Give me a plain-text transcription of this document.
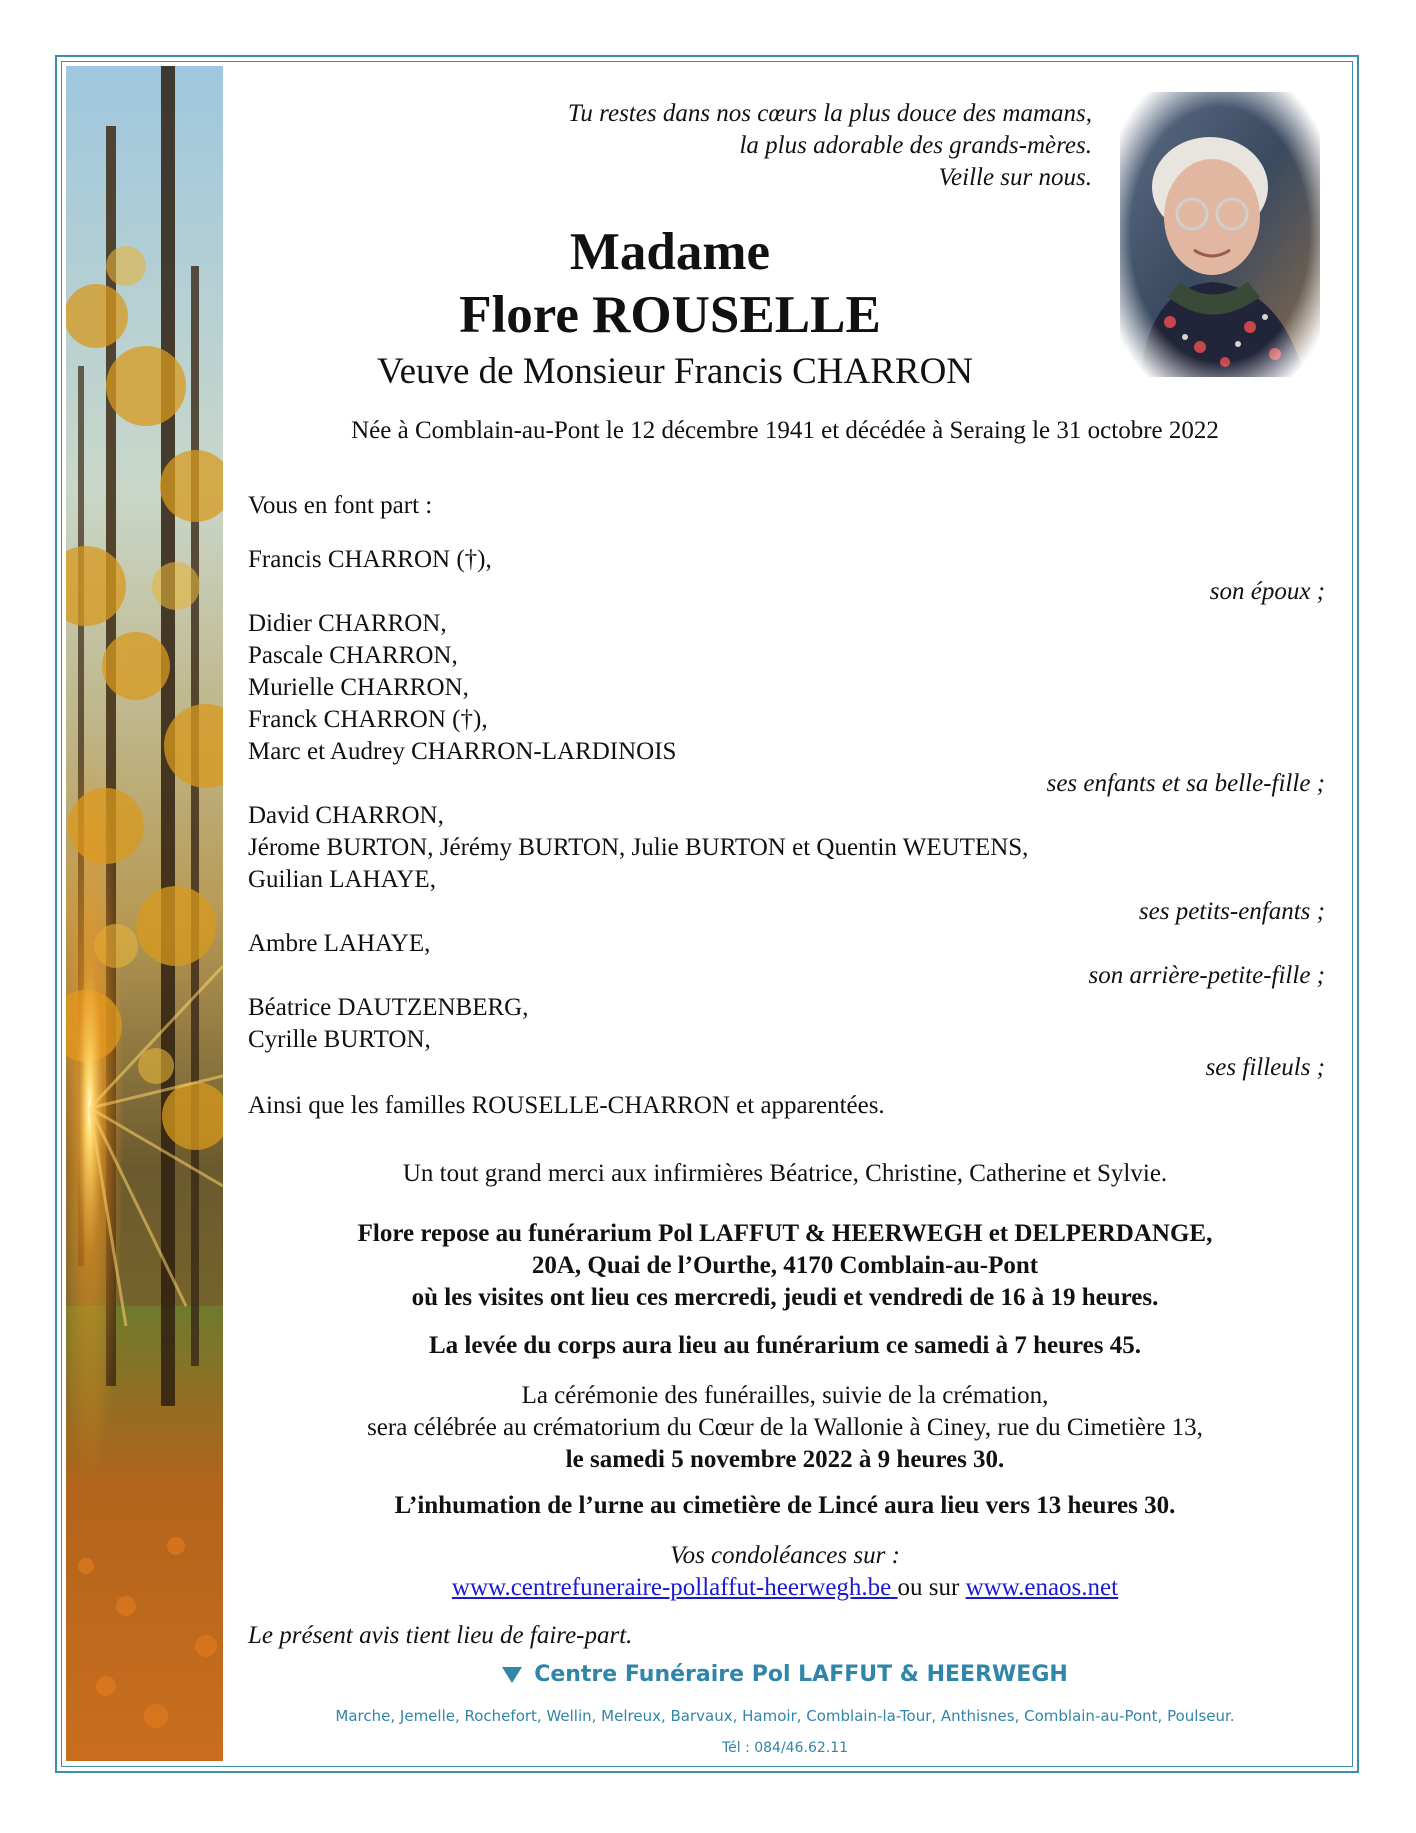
Tu restes dans nos cœurs la plus douce des mamans,
la plus adorable des grands-mères.
Veille sur nous.
Madame
Flore ROUSELLE
Veuve de Monsieur Francis CHARRON
Née à Comblain-au-Pont le 12 décembre 1941 et décédée à Seraing le 31 octobre 2022
Vous en font part :
Francis CHARRON (†),
son époux ;
Didier CHARRON,
Pascale CHARRON,
Murielle CHARRON,
Franck CHARRON (†),
Marc et Audrey CHARRON-LARDINOIS
ses enfants et sa belle-fille ;
David CHARRON,
Jérome BURTON, Jérémy BURTON, Julie BURTON et Quentin WEUTENS,
Guilian LAHAYE,
ses petits-enfants ;
Ambre LAHAYE,
son arrière-petite-fille ;
Béatrice DAUTZENBERG,
Cyrille BURTON,
ses filleuls ;
Ainsi que les familles ROUSELLE-CHARRON et apparentées.
Un tout grand merci aux infirmières Béatrice, Christine, Catherine et Sylvie.
Flore repose au funérarium Pol LAFFUT & HEERWEGH et DELPERDANGE,
20A, Quai de l’Ourthe, 4170 Comblain-au-Pont
où les visites ont lieu ces mercredi, jeudi et vendredi de 16 à 19 heures.
La levée du corps aura lieu au funérarium ce samedi à 7 heures 45.
La cérémonie des funérailles, suivie de la crémation,
sera célébrée au crématorium du Cœur de la Wallonie à Ciney, rue du Cimetière 13,
le samedi 5 novembre 2022 à 9 heures 30.
L’inhumation de l’urne au cimetière de Lincé aura lieu vers 13 heures 30.
Vos condoléances sur :
www.centrefuneraire-pollaffut-heerwegh.be ou sur www.enaos.net
Le présent avis tient lieu de faire-part.
Centre Funéraire Pol LAFFUT & HEERWEGH
Marche, Jemelle, Rochefort, Wellin, Melreux, Barvaux, Hamoir, Comblain-la-Tour, Anthisnes, Comblain-au-Pont, Poulseur.
Tél : 084/46.62.11
